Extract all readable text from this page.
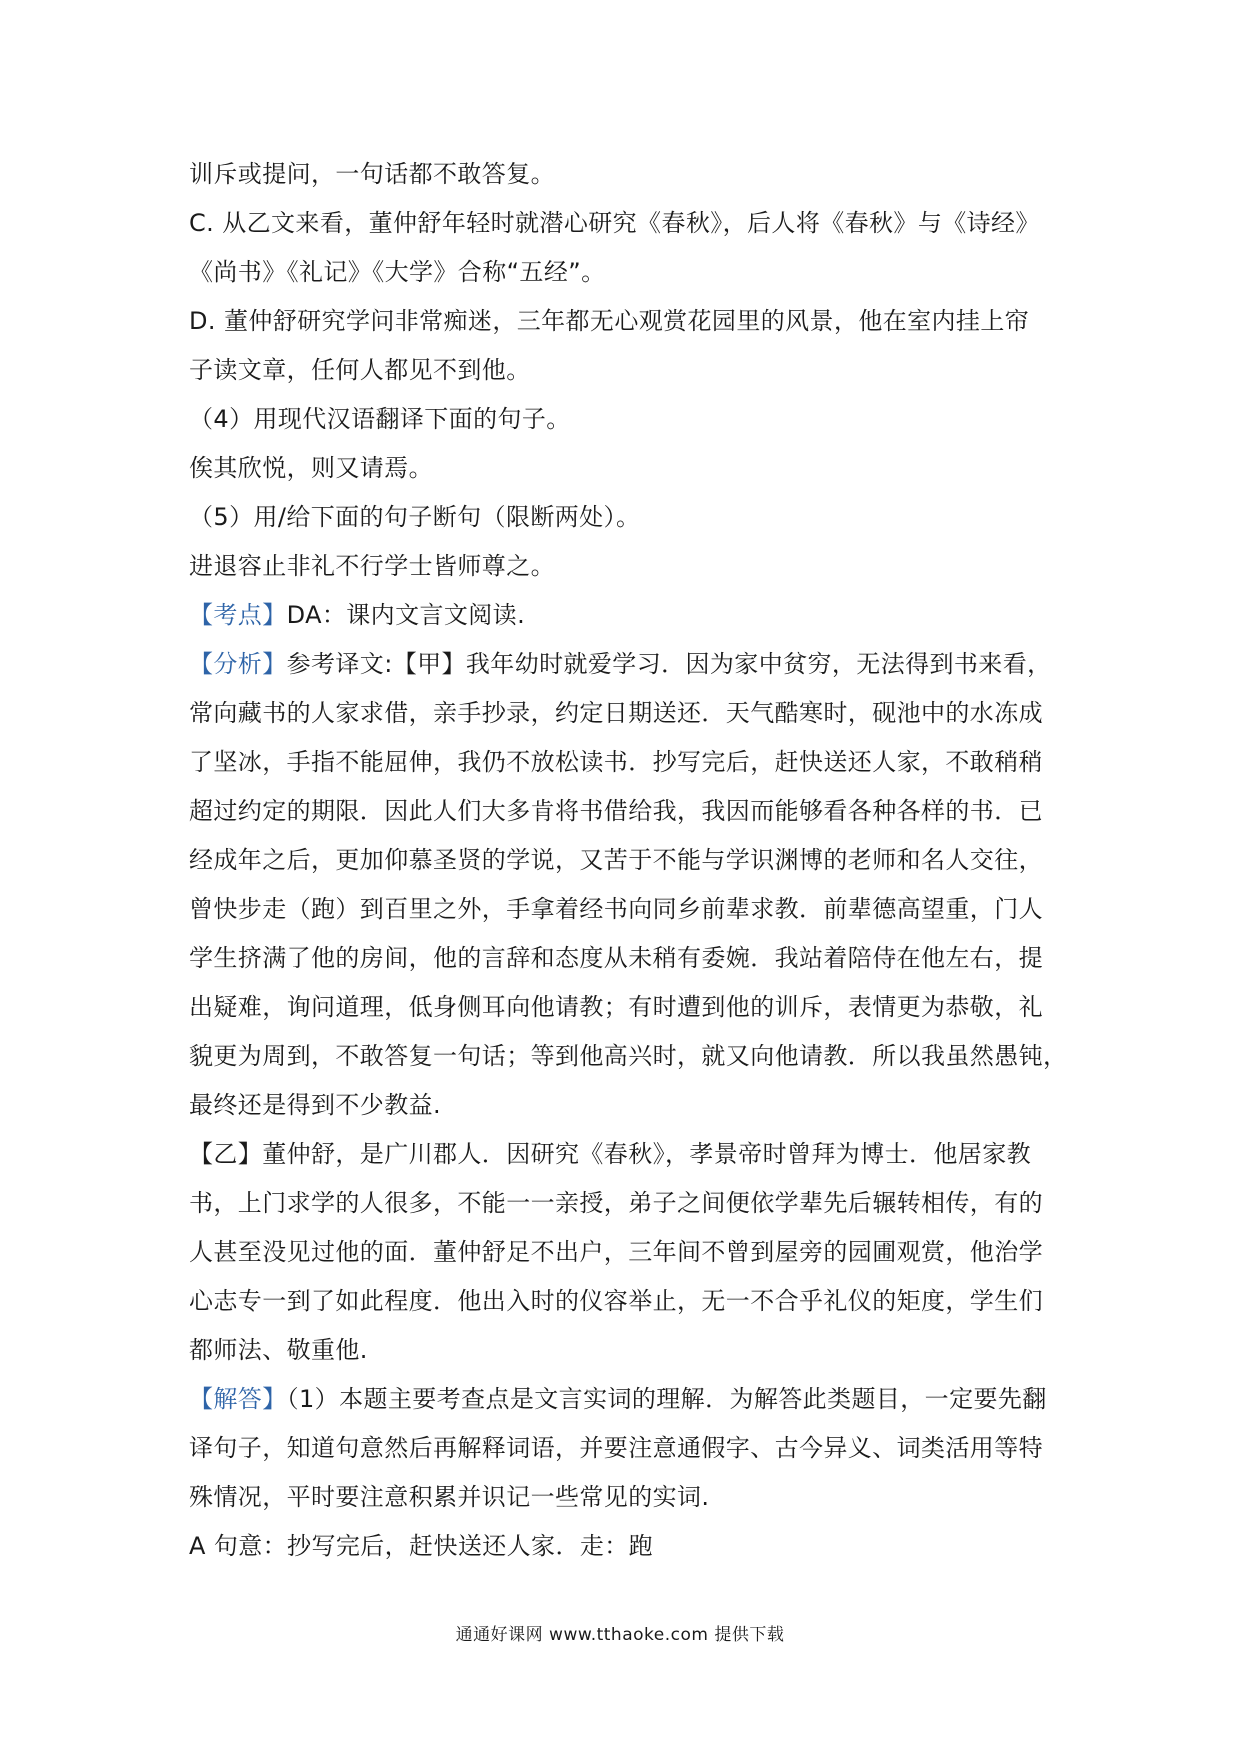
训斥或提问，一句话都不敢答复。
C. 从乙文来看，董仲舒年轻时就潜心研究《春秋》，后人将《春秋》与《诗经》
《尚书》《礼记》《大学》合称“五经”。
D. 董仲舒研究学问非常痴迷，三年都无心观赏花园里的风景，他在室内挂上帘
子读文章，任何人都见不到他。
（4）用现代汉语翻译下面的句子。
俟其欣悦，则又请焉。
（5）用/给下面的句子断句（限断两处）。
进退容止非礼不行学士皆师尊之。
【考点】DA：课内文言文阅读.
【分析】参考译文:【甲】我年幼时就爱学习．因为家中贫穷，无法得到书来看，
常向藏书的人家求借，亲手抄录，约定日期送还．天气酷寒时，砚池中的水冻成
了坚冰，手指不能屈伸，我仍不放松读书．抄写完后，赶快送还人家，不敢稍稍
超过约定的期限．因此人们大多肯将书借给我，我因而能够看各种各样的书．已
经成年之后，更加仰慕圣贤的学说，又苦于不能与学识渊博的老师和名人交往，
曾快步走（跑）到百里之外，手拿着经书向同乡前辈求教．前辈德高望重，门人
学生挤满了他的房间，他的言辞和态度从未稍有委婉．我站着陪侍在他左右，提
出疑难，询问道理，低身侧耳向他请教；有时遭到他的训斥，表情更为恭敬，礼
貌更为周到，不敢答复一句话；等到他高兴时，就又向他请教．所以我虽然愚钝，
最终还是得到不少教益.
【乙】董仲舒，是广川郡人．因研究《春秋》，孝景帝时曾拜为博士．他居家教
书，上门求学的人很多，不能一一亲授，弟子之间便依学辈先后辗转相传，有的
人甚至没见过他的面．董仲舒足不出户，三年间不曾到屋旁的园圃观赏，他治学
心志专一到了如此程度．他出入时的仪容举止，无一不合乎礼仪的矩度，学生们
都师法、敬重他.
【解答】（1）本题主要考查点是文言实词的理解．为解答此类题目，一定要先翻
译句子，知道句意然后再解释词语，并要注意通假字、古今异义、词类活用等特
殊情况，平时要注意积累并识记一些常见的实词.
A 句意：抄写完后，赶快送还人家．走：跑
通通好课网 www.tthaoke.com 提供下载
